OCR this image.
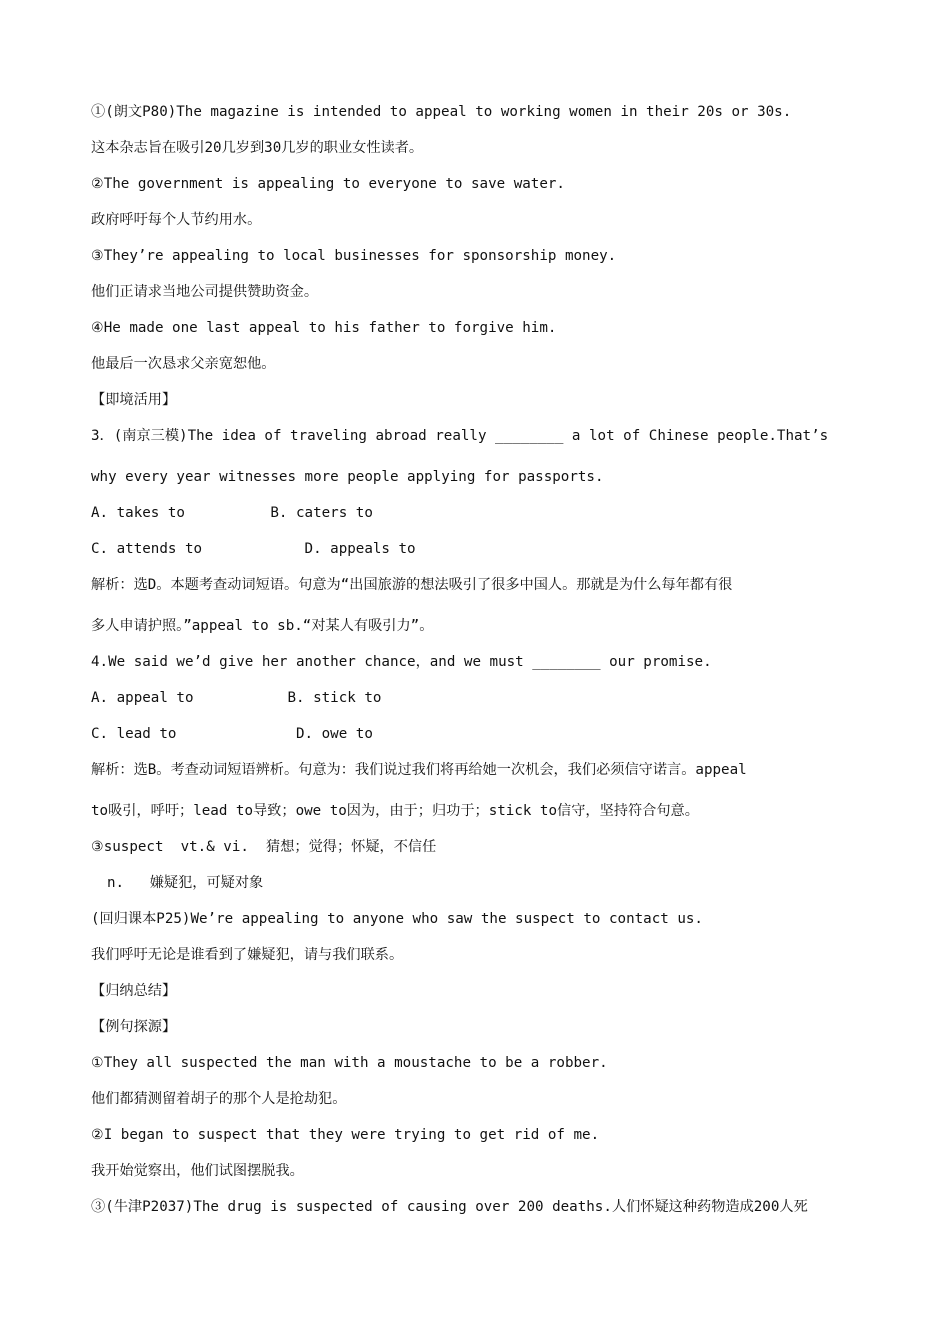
①(朗文P80)The magazine is intended to appeal to working women in their 20s or 30s.
这本杂志旨在吸引20几岁到30几岁的职业女性读者。
②The government is appealing to everyone to save water.
政府呼吁每个人节约用水。
③They’re appealing to local businesses for sponsorship money.
他们正请求当地公司提供赞助资金。
④He made one last appeal to his father to forgive him.
他最后一次恳求父亲宽恕他。
【即境活用】
3．(南京三模)The idea of traveling abroad really ________ a lot of Chinese people.That’s
why every year witnesses more people applying for passports.
A. takes to          B. caters to
C. attends to            D. appeals to
解析：选D。本题考查动词短语。句意为“出国旅游的想法吸引了很多中国人。那就是为什么每年都有很
多人申请护照。”appeal to sb.“对某人有吸引力”。
4.We said we’d give her another chance，and we must ________ our promise.
A. appeal to           B. stick to
C. lead to              D. owe to
解析：选B。考查动词短语辨析。句意为：我们说过我们将再给她一次机会，我们必须信守诺言。appeal
to吸引，呼吁；lead to导致；owe to因为，由于；归功于；stick to信守，坚持符合句意。
③suspect  vt.& vi.  猜想；觉得；怀疑，不信任
n.   嫌疑犯，可疑对象
(回归课本P25)We’re appealing to anyone who saw the suspect to contact us.
我们呼吁无论是谁看到了嫌疑犯，请与我们联系。
【归纳总结】
【例句探源】
①They all suspected the man with a moustache to be a robber.
他们都猜测留着胡子的那个人是抢劫犯。
②I began to suspect that they were trying to get rid of me.
我开始觉察出，他们试图摆脱我。
③(牛津P2037)The drug is suspected of causing over 200 deaths.人们怀疑这种药物造成200人死
